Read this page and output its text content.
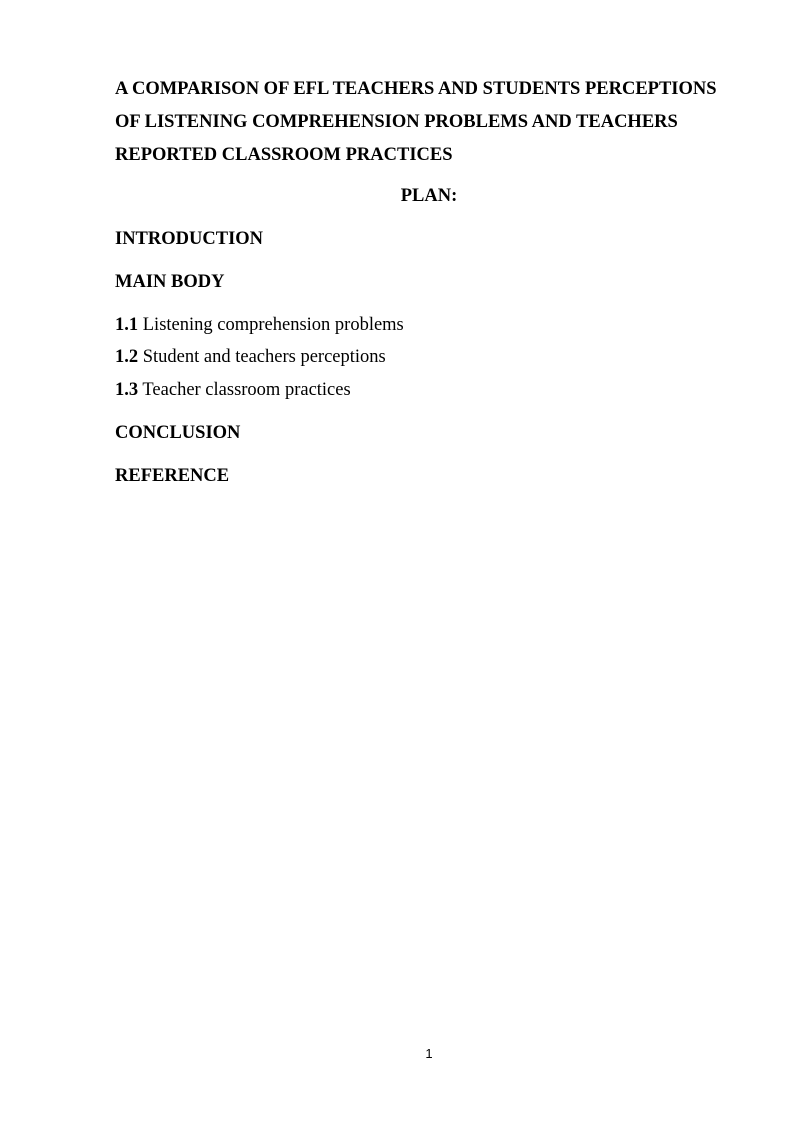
A COMPARISON OF EFL TEACHERS AND STUDENTS PERCEPTIONS
OF LISTENING COMPREHENSION PROBLEMS AND TEACHERS
REPORTED CLASSROOM PRACTICES

PLAN:

INTRODUCTION

MAIN BODY

1.1 Listening comprehension problems
1.2 Student and teachers perceptions
1.3 Teacher classroom practices

CONCLUSION

REFERENCE

1
